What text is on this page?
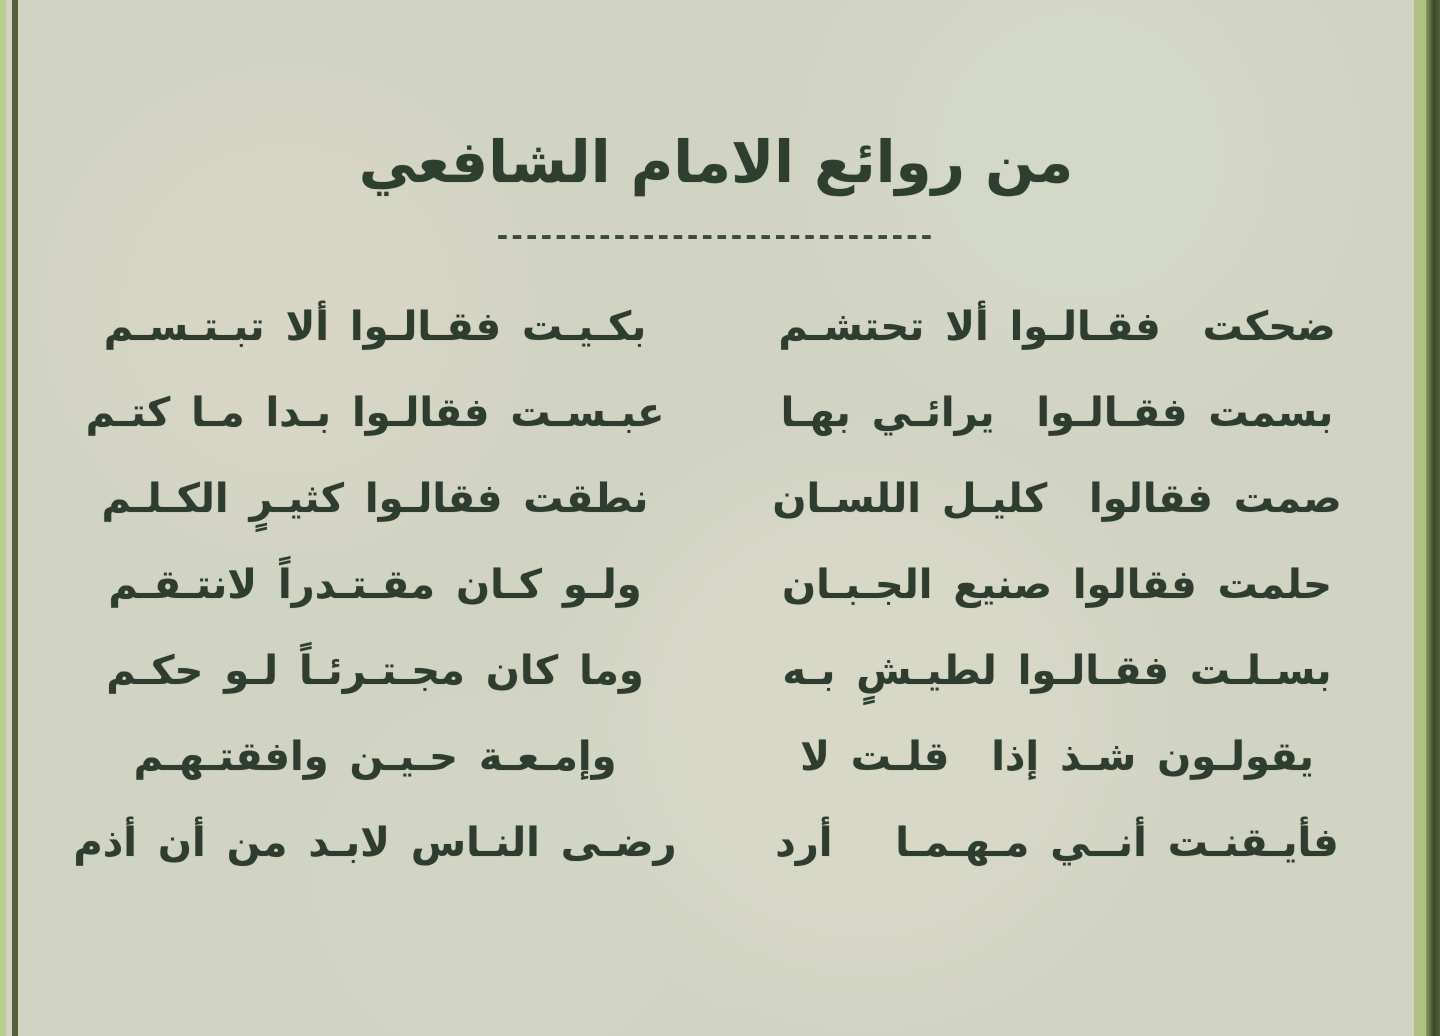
من روائع الامام الشافعي
------------------------------
ضحكت  فقـالـوا ألا تحتشـم
بكـيـت فقـالـوا ألا تبـتـسـم
بسمت فقـالـوا  يرائـي بهـا
عبـسـت فقالـوا بـدا مـا كتـم
صمت فقالوا  كليـل اللسـان
نطقت فقالـوا كثيـرٍ الكـلـم
حلمت فقالوا صنيع الجـبـان
ولـو كـان مقـتـدراً لانتـقـم
بسـلـت فقـالـوا لطيـشٍ بـه
وما كان مجـتـرئـاً لـو حكـم
يقولـون شـذ إذا  قلـت لا
وإمـعـة حـيـن وافقتـهـم
فأيـقنـت أنــي مـهـمـا   أرد
رضـى النـاس لابـد من أن أذم
